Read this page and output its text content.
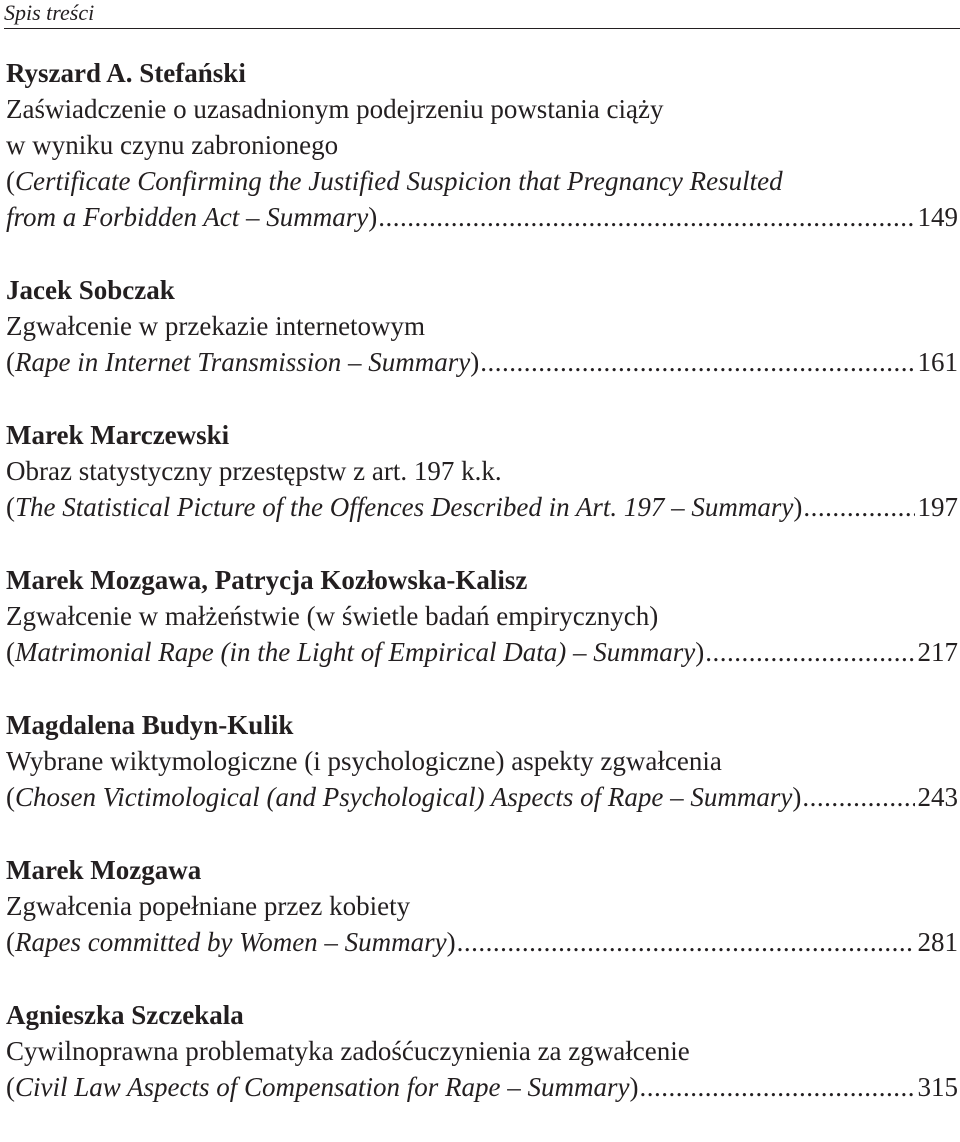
Spis treści
Ryszard A. Stefański
Zaświadczenie o uzasadnionym podejrzeniu powstania ciąży
w wyniku czynu zabronionego
(Certificate Confirming the Justified Suspicion that Pregnancy Resulted
from a Forbidden Act – Summary) .....	149
Jacek Sobczak
Zgwałcenie w przekazie internetowym
(Rape in Internet Transmission – Summary) .....	161
Marek Marczewski
Obraz statystyczny przestępstw z art. 197 k.k.
(The Statistical Picture of the Offences Described in Art. 197 – Summary) .....	197
Marek Mozgawa, Patrycja Kozłowska-Kalisz
Zgwałcenie w małżeństwie (w świetle badań empirycznych)
(Matrimonial Rape (in the Light of Empirical Data) – Summary) .....	217
Magdalena Budyn-Kulik
Wybrane wiktymologiczne (i psychologiczne) aspekty zgwałcenia
(Chosen Victimological (and Psychological) Aspects of Rape – Summary) .....	243
Marek Mozgawa
Zgwałcenia popełniane przez kobiety
(Rapes committed by Women – Summary) .....	281
Agnieszka Szczekala
Cywilnoprawna problematyka zadośćuczynienia za zgwałcenie
(Civil Law Aspects of Compensation for Rape – Summary) .....	315
